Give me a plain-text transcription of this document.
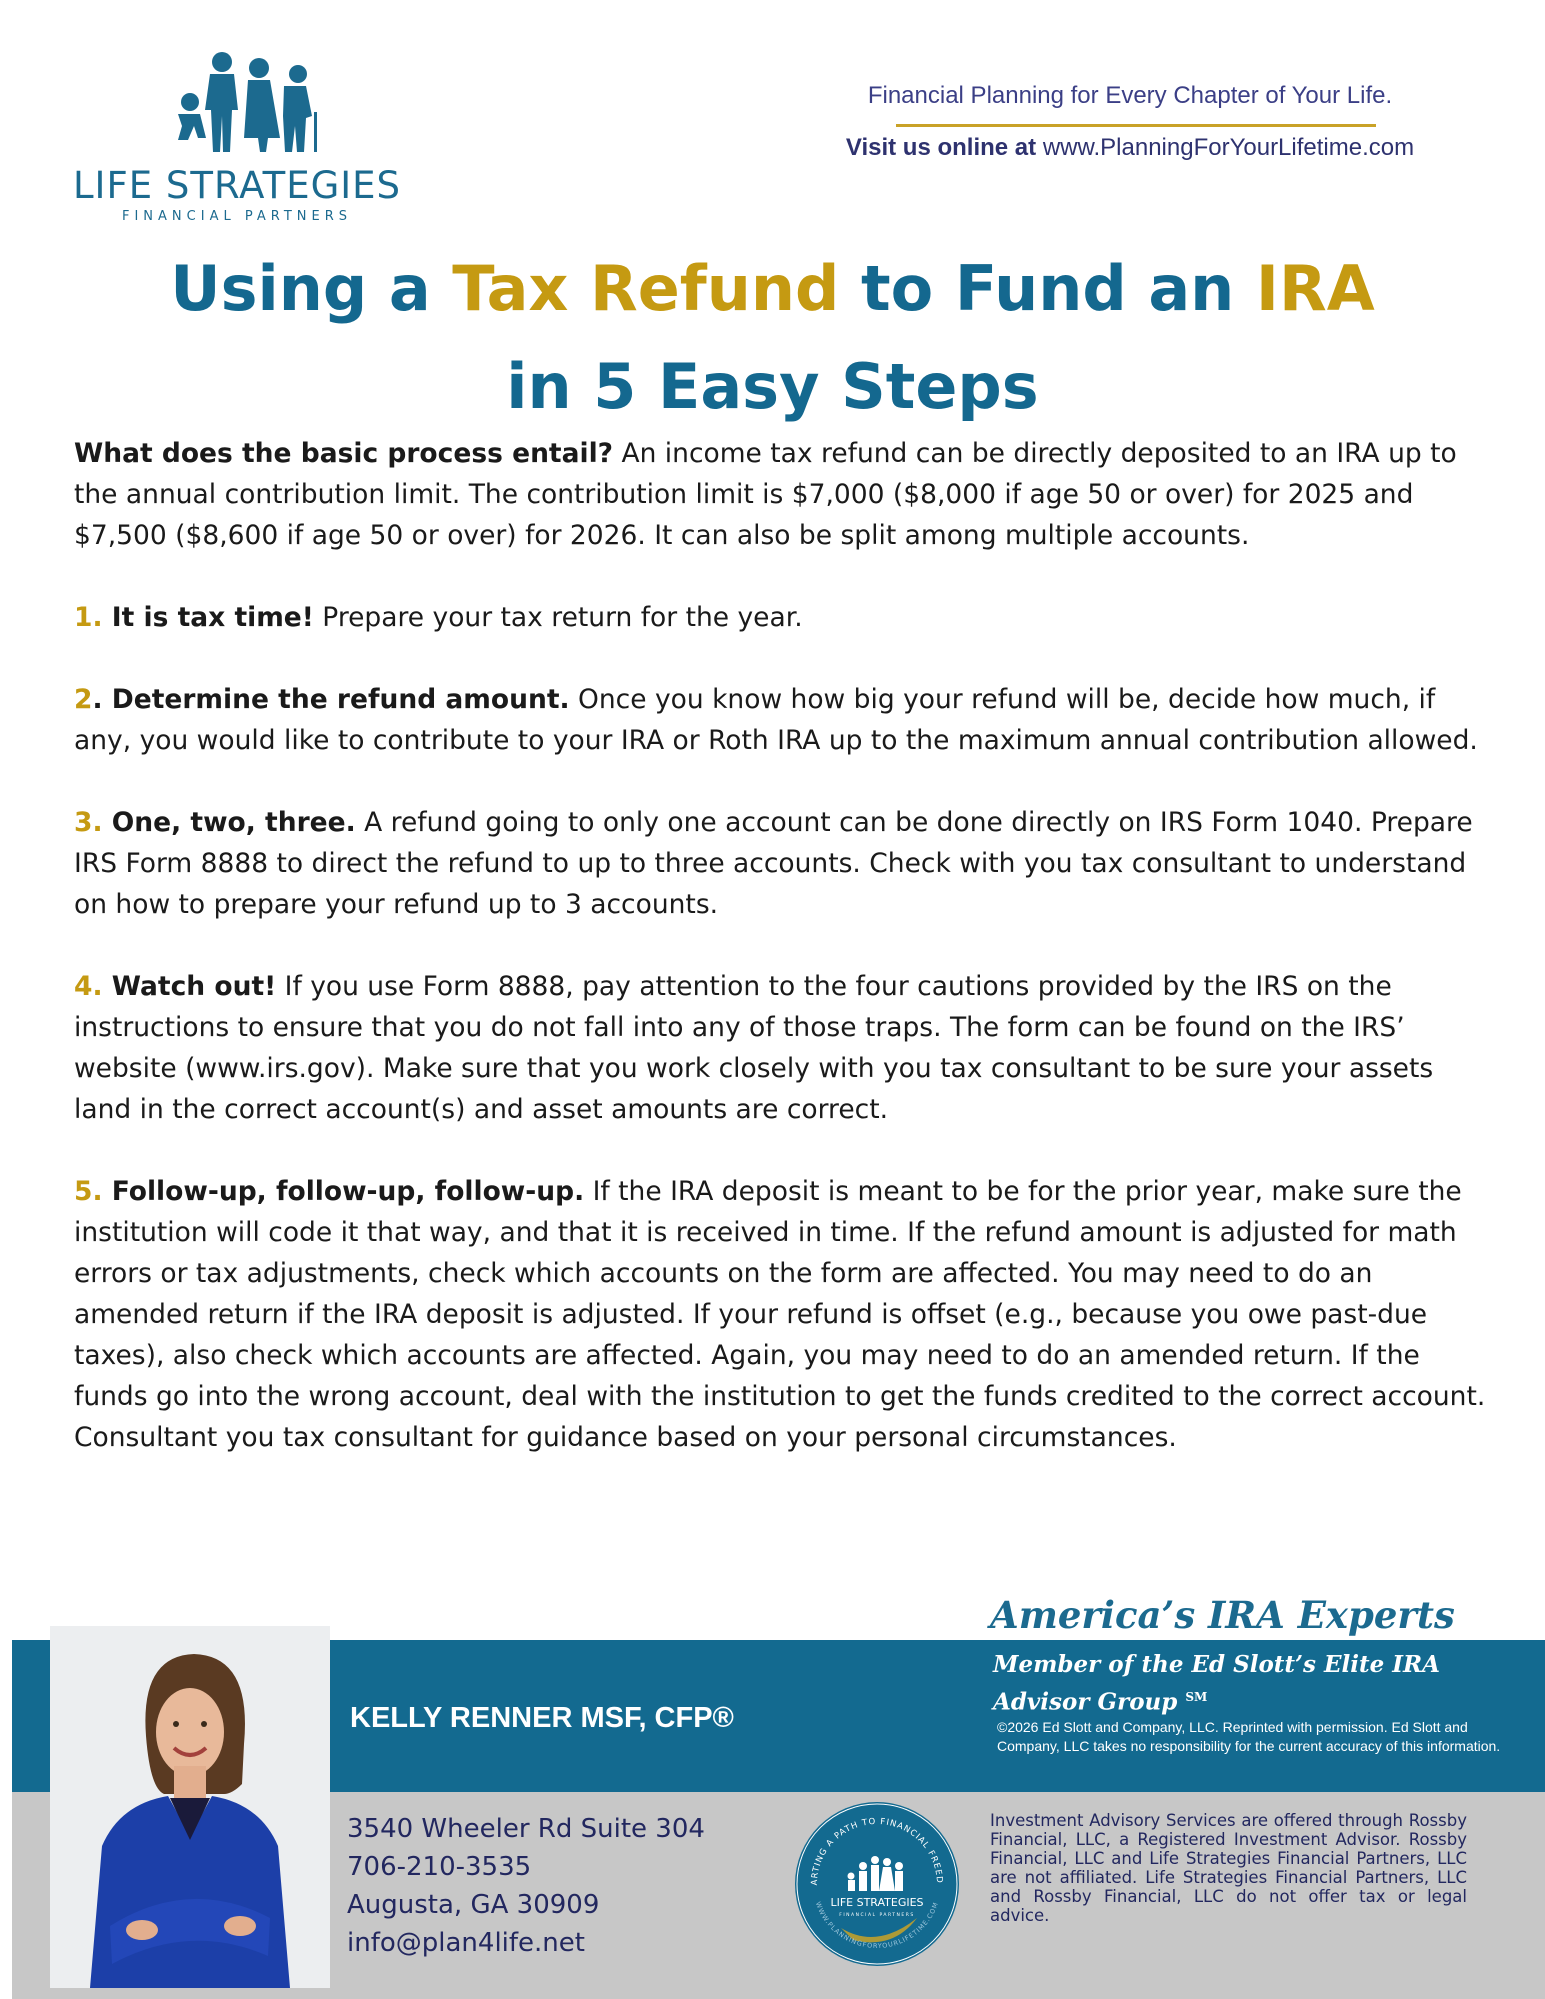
LIFE STRATEGIES
FINANCIAL PARTNERS
Financial Planning for Every Chapter of Your Life.
Visit us online at www.PlanningForYourLifetime.com
Using a Tax Refund to Fund an IRA
in 5 Easy Steps

What does the basic process entail? An income tax refund can be directly deposited to an IRA up to the annual contribution limit. The contribution limit is $7,000 ($8,000 if age 50 or over) for 2025 and $7,500 ($8,600 if age 50 or over) for 2026. It can also be split among multiple accounts.

1. It is tax time! Prepare your tax return for the year.

2. Determine the refund amount. Once you know how big your refund will be, decide how much, if any, you would like to contribute to your IRA or Roth IRA up to the maximum annual contribution allowed.

3. One, two, three. A refund going to only one account can be done directly on IRS Form 1040. Prepare IRS Form 8888 to direct the refund to up to three accounts. Check with you tax consultant to understand on how to prepare your refund up to 3 accounts.

4. Watch out! If you use Form 8888, pay attention to the four cautions provided by the IRS on the instructions to ensure that you do not fall into any of those traps. The form can be found on the IRS’ website (www.irs.gov). Make sure that you work closely with you tax consultant to be sure your assets land in the correct account(s) and asset amounts are correct.

5. Follow-up, follow-up, follow-up. If the IRA deposit is meant to be for the prior year, make sure the institution will code it that way, and that it is received in time. If the refund amount is adjusted for math errors or tax adjustments, check which accounts on the form are affected. You may need to do an amended return if the IRA deposit is adjusted. If your refund is offset (e.g., because you owe past-due taxes), also check which accounts are affected. Again, you may need to do an amended return. If the funds go into the wrong account, deal with the institution to get the funds credited to the correct account. Consultant you tax consultant for guidance based on your personal circumstances.

KELLY RENNER MSF, CFP®
America’s IRA Experts
Member of the Ed Slott’s Elite IRA Advisor Group ℠
©2026 Ed Slott and Company, LLC. Reprinted with permission. Ed Slott and Company, LLC takes no responsibility for the current accuracy of this information.
3540 Wheeler Rd Suite 304
706-210-3535
Augusta, GA 30909
info@plan4life.net
ARTING A PATH TO FINANCIAL FREED
WWW.PLANNINGFORYOURLIFETIME.COM
LIFE STRATEGIES
FINANCIAL PARTNERS
Investment Advisory Services are offered through Rossby Financial, LLC, a Registered Investment Advisor. Rossby Financial, LLC and Life Strategies Financial Partners, LLC are not affiliated. Life Strategies Financial Partners, LLC and Rossby Financial, LLC do not offer tax or legal advice.
